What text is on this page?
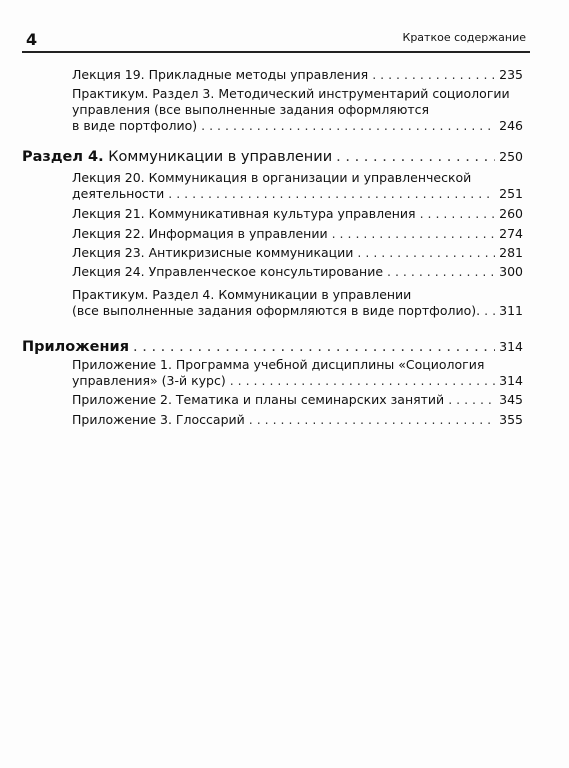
4	Краткое содержание
Лекция 19. Прикладные методы управления . . .	235
Практикум. Раздел 3. Методический инструментарий социологии
управления (все выполненные задания оформляются
в виде портфолио) . . .	246
Раздел 4. Коммуникации в управлении . . .	250
Лекция 20. Коммуникация в организации и управленческой
деятельности . . .	251
Лекция 21. Коммуникативная культура управления . . .	260
Лекция 22. Информация в управлении . . .	274
Лекция 23. Антикризисные коммуникации . . .	281
Лекция 24. Управленческое консультирование . . .	300
Практикум. Раздел 4. Коммуникации в управлении
(все выполненные задания оформляются в виде портфолио). . . . 311
Приложения . . .	314
Приложение 1. Программа учебной дисциплины «Социология
управления» (3-й курс) . . .	314
Приложение 2. Тематика и планы семинарских занятий . . .	345
Приложение 3. Глоссарий . . .	355
